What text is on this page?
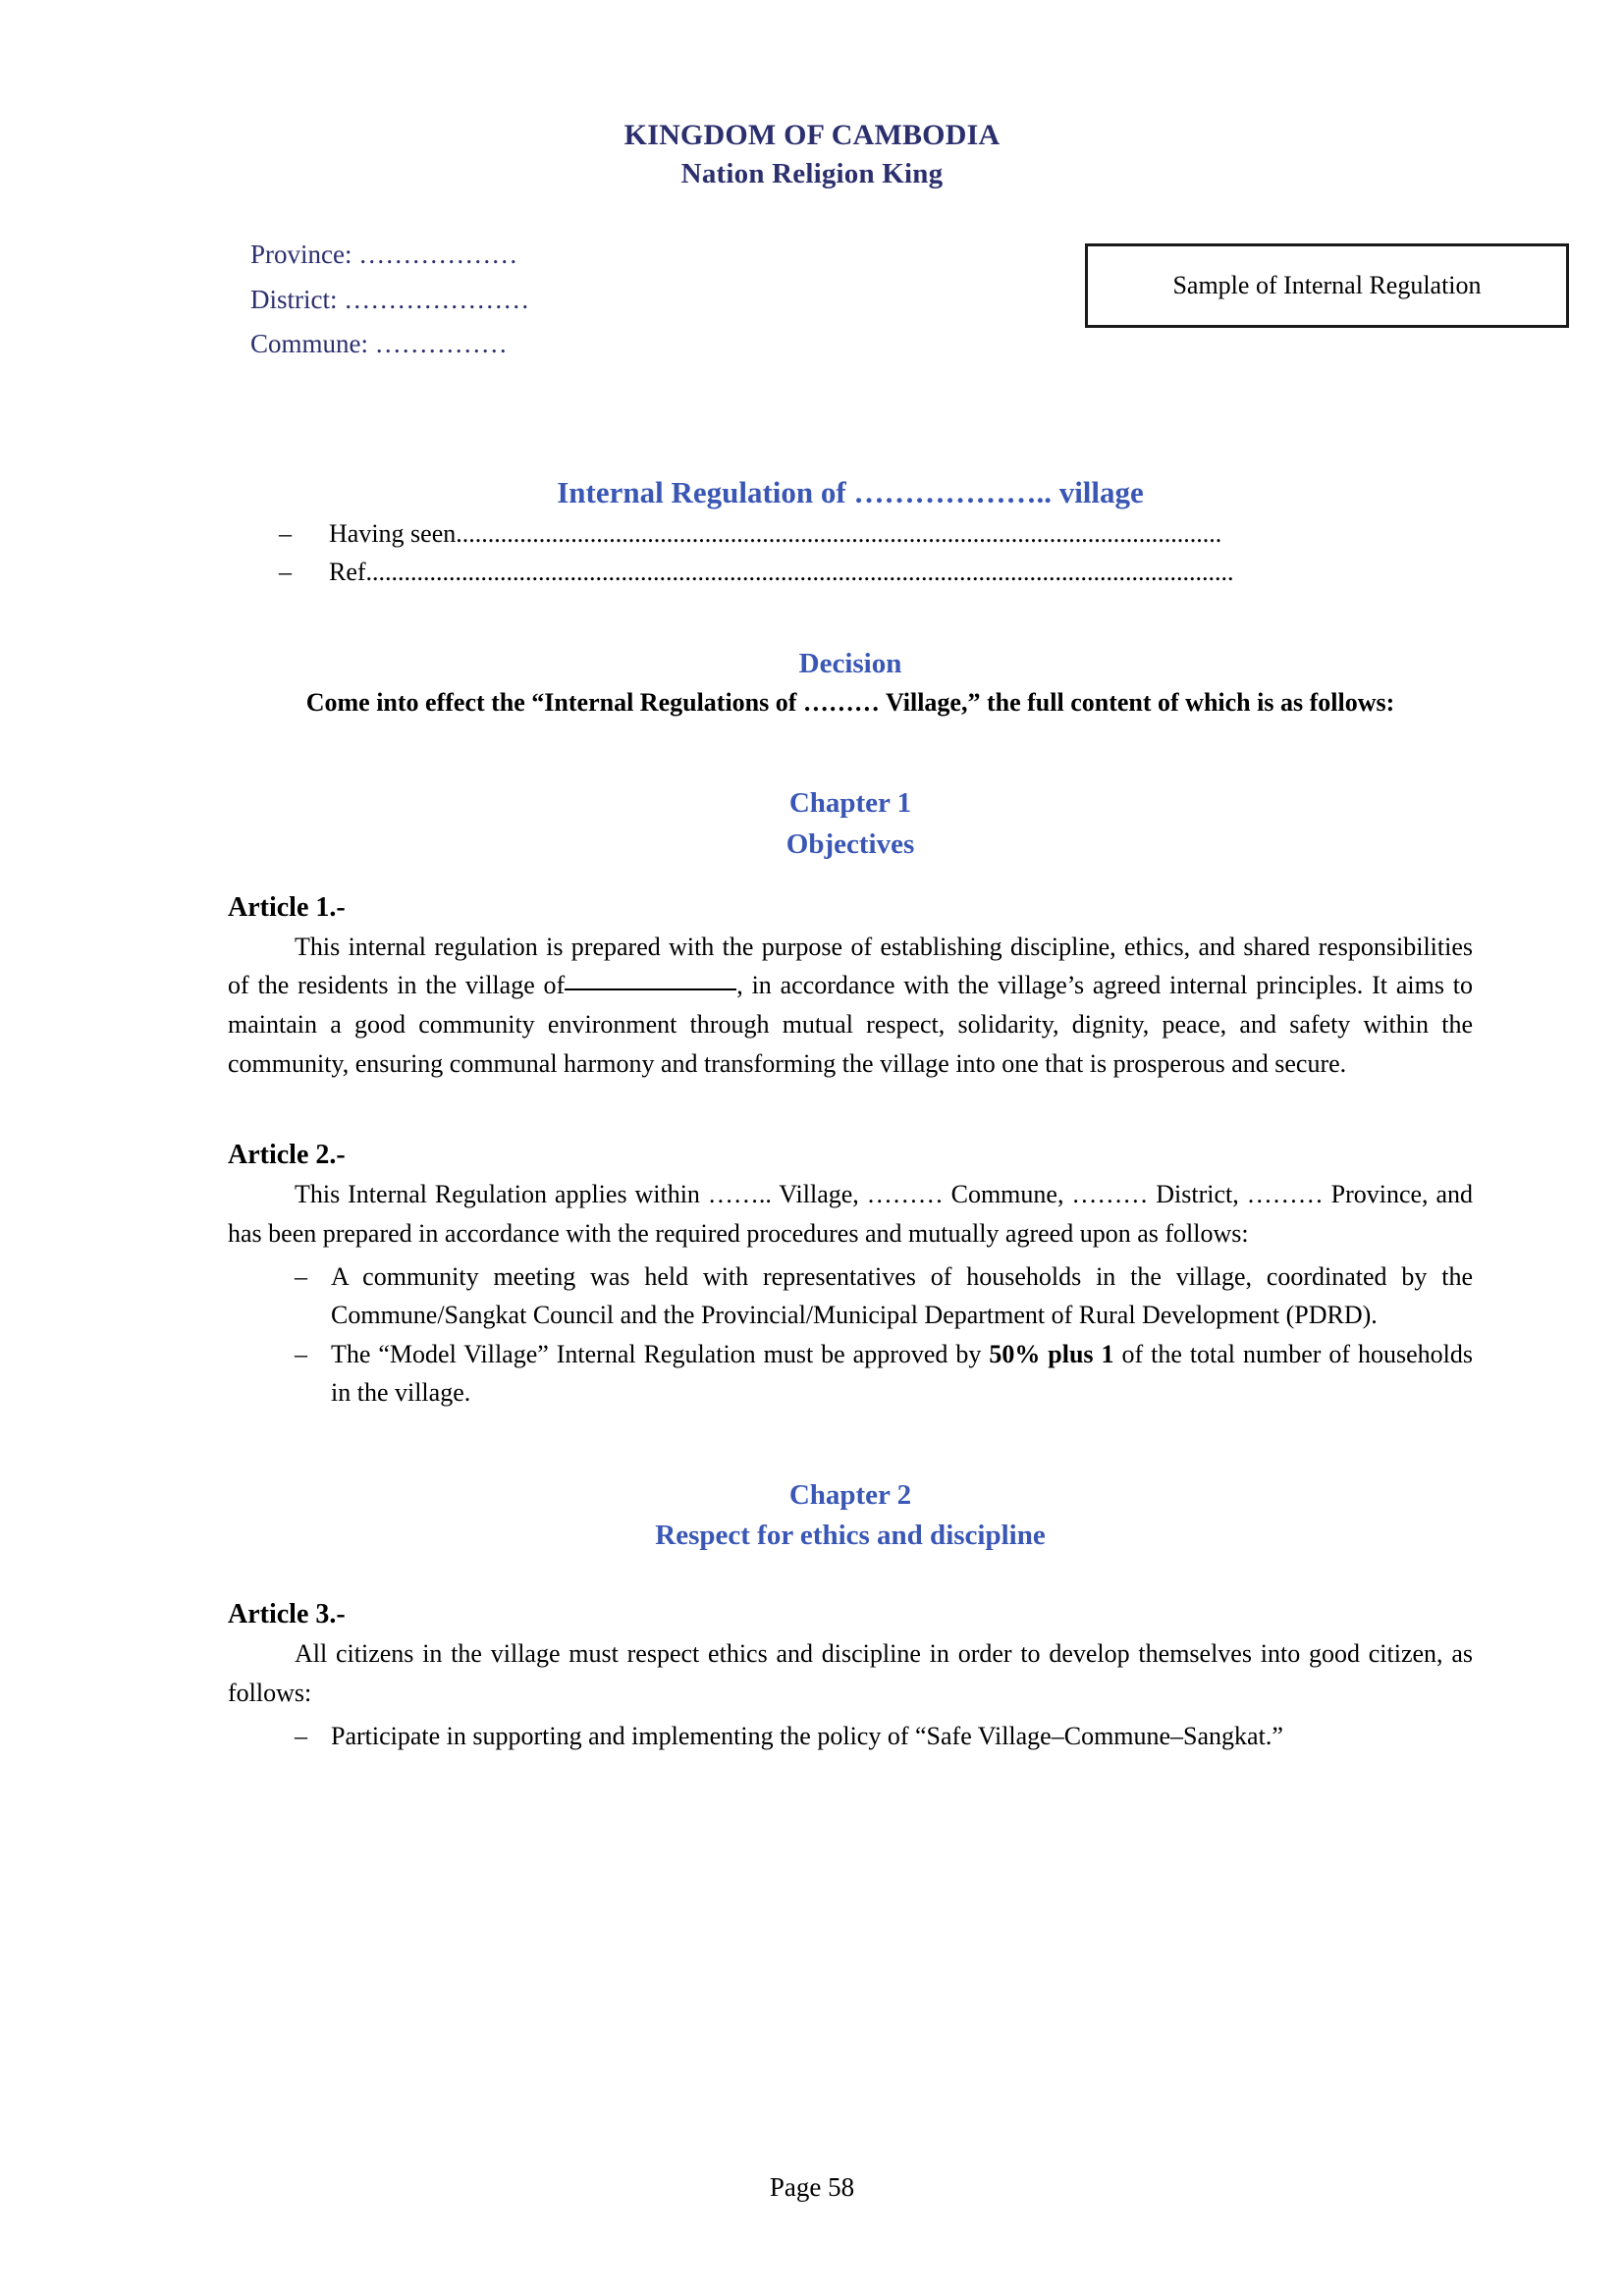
KINGDOM OF CAMBODIA
Nation Religion King
Province: ………………
District: …………………
Commune: ……………
Sample of Internal Regulation
Internal Regulation of ……………….. village
– Having seen........................................................................................................................
– Ref........................................................................................................................................
Decision
Come into effect the “Internal Regulations of ……… Village,” the full content of which is as follows:
Chapter 1
Objectives
Article 1.-

This internal regulation is prepared with the purpose of establishing discipline, ethics, and shared responsibilities of the residents in the village of	, in accordance with the village’s agreed internal principles. It aims to maintain a good community environment through mutual respect, solidarity, dignity, peace, and safety within the community, ensuring communal harmony and transforming the village into one that is prosperous and secure.

Article 2.-

This Internal Regulation applies within …….. Village, ……… Commune, ……… District, ……… Province, and has been prepared in accordance with the required procedures and mutually agreed upon as follows:

– A community meeting was held with representatives of households in the village, coordinated by the Commune/Sangkat Council and the Provincial/Municipal Department of Rural Development (PDRD).
– The “Model Village” Internal Regulation must be approved by 50% plus 1 of the total number of households in the village.
Chapter 2
Respect for ethics and discipline
Article 3.-

All citizens in the village must respect ethics and discipline in order to develop themselves into good citizen, as follows:

– Participate in supporting and implementing the policy of “Safe Village–Commune–Sangkat.”
Page 58
